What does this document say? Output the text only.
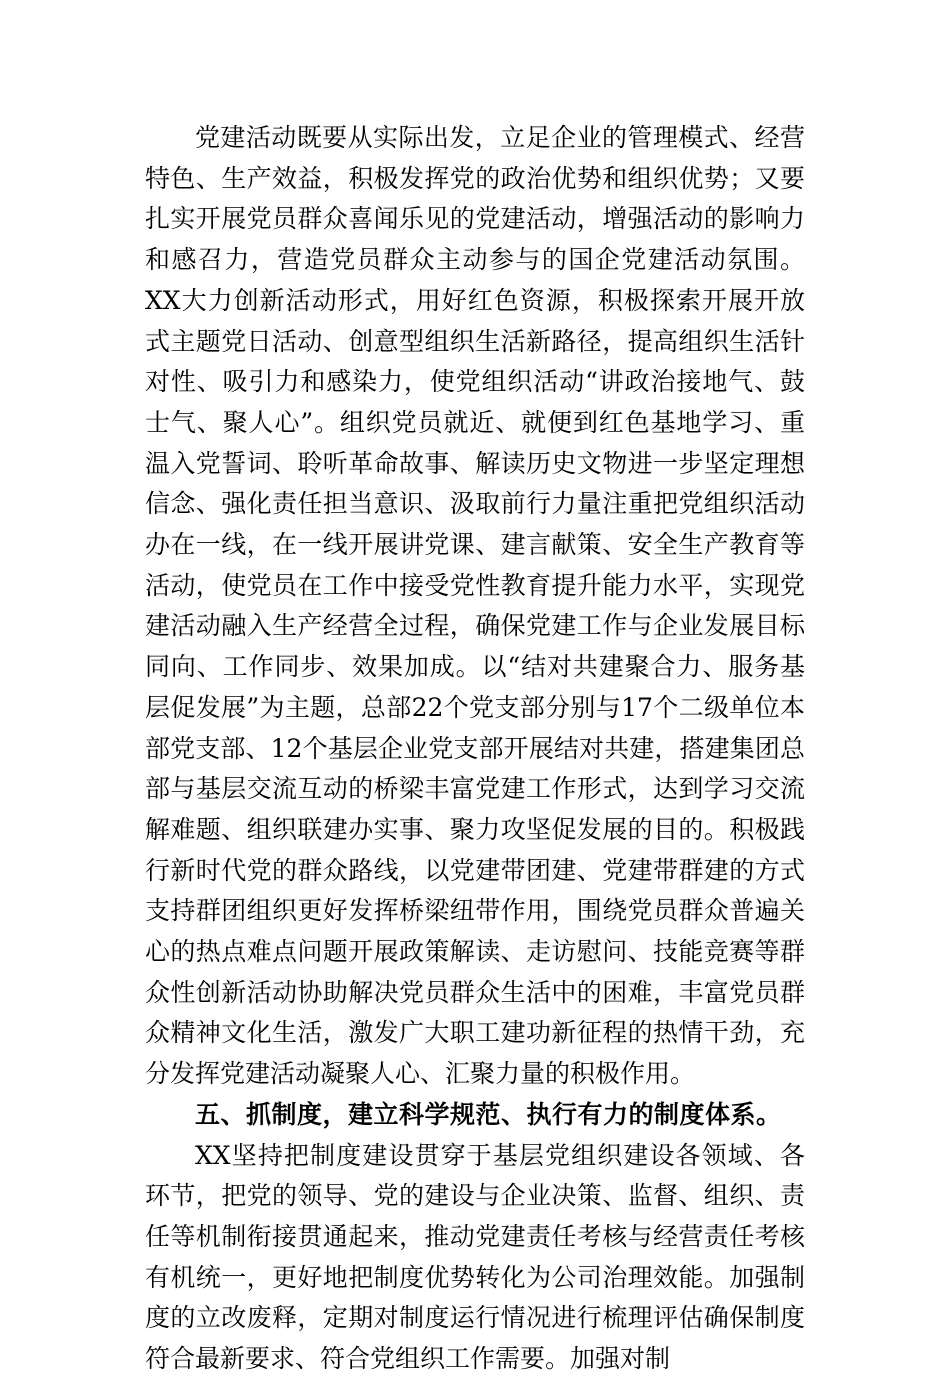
党建活动既要从实际出发，立足企业的管理模式、经营特色、生产效益，积极发挥党的政治优势和组织优势；又要扎实开展党员群众喜闻乐见的党建活动，增强活动的影响力和感召力，营造党员群众主动参与的国企党建活动氛围。XX大力创新活动形式，用好红色资源，积极探索开展开放式主题党日活动、创意型组织生活新路径，提高组织生活针对性、吸引力和感染力，使党组织活动“讲政治接地气、鼓士气、聚人心”。组织党员就近、就便到红色基地学习、重温入党誓词、聆听革命故事、解读历史文物进一步坚定理想信念、强化责任担当意识、汲取前行力量注重把党组织活动办在一线，在一线开展讲党课、建言献策、安全生产教育等活动，使党员在工作中接受党性教育提升能力水平，实现党建活动融入生产经营全过程，确保党建工作与企业发展目标同向、工作同步、效果加成。以“结对共建聚合力、服务基层促发展”为主题，总部22个党支部分别与17个二级单位本部党支部、12个基层企业党支部开展结对共建，搭建集团总部与基层交流互动的桥梁丰富党建工作形式，达到学习交流解难题、组织联建办实事、聚力攻坚促发展的目的。积极践行新时代党的群众路线，以党建带团建、党建带群建的方式支持群团组织更好发挥桥梁纽带作用，围绕党员群众普遍关心的热点难点问题开展政策解读、走访慰问、技能竞赛等群众性创新活动协助解决党员群众生活中的困难，丰富党员群众精神文化生活，激发广大职工建功新征程的热情干劲，充分发挥党建活动凝聚人心、汇聚力量的积极作用。

五、抓制度，建立科学规范、执行有力的制度体系。

XX坚持把制度建设贯穿于基层党组织建设各领域、各环节，把党的领导、党的建设与企业决策、监督、组织、责任等机制衔接贯通起来，推动党建责任考核与经营责任考核有机统一，更好地把制度优势转化为公司治理效能。加强制度的立改废释，定期对制度运行情况进行梳理评估确保制度符合最新要求、符合党组织工作需要。加强对制
